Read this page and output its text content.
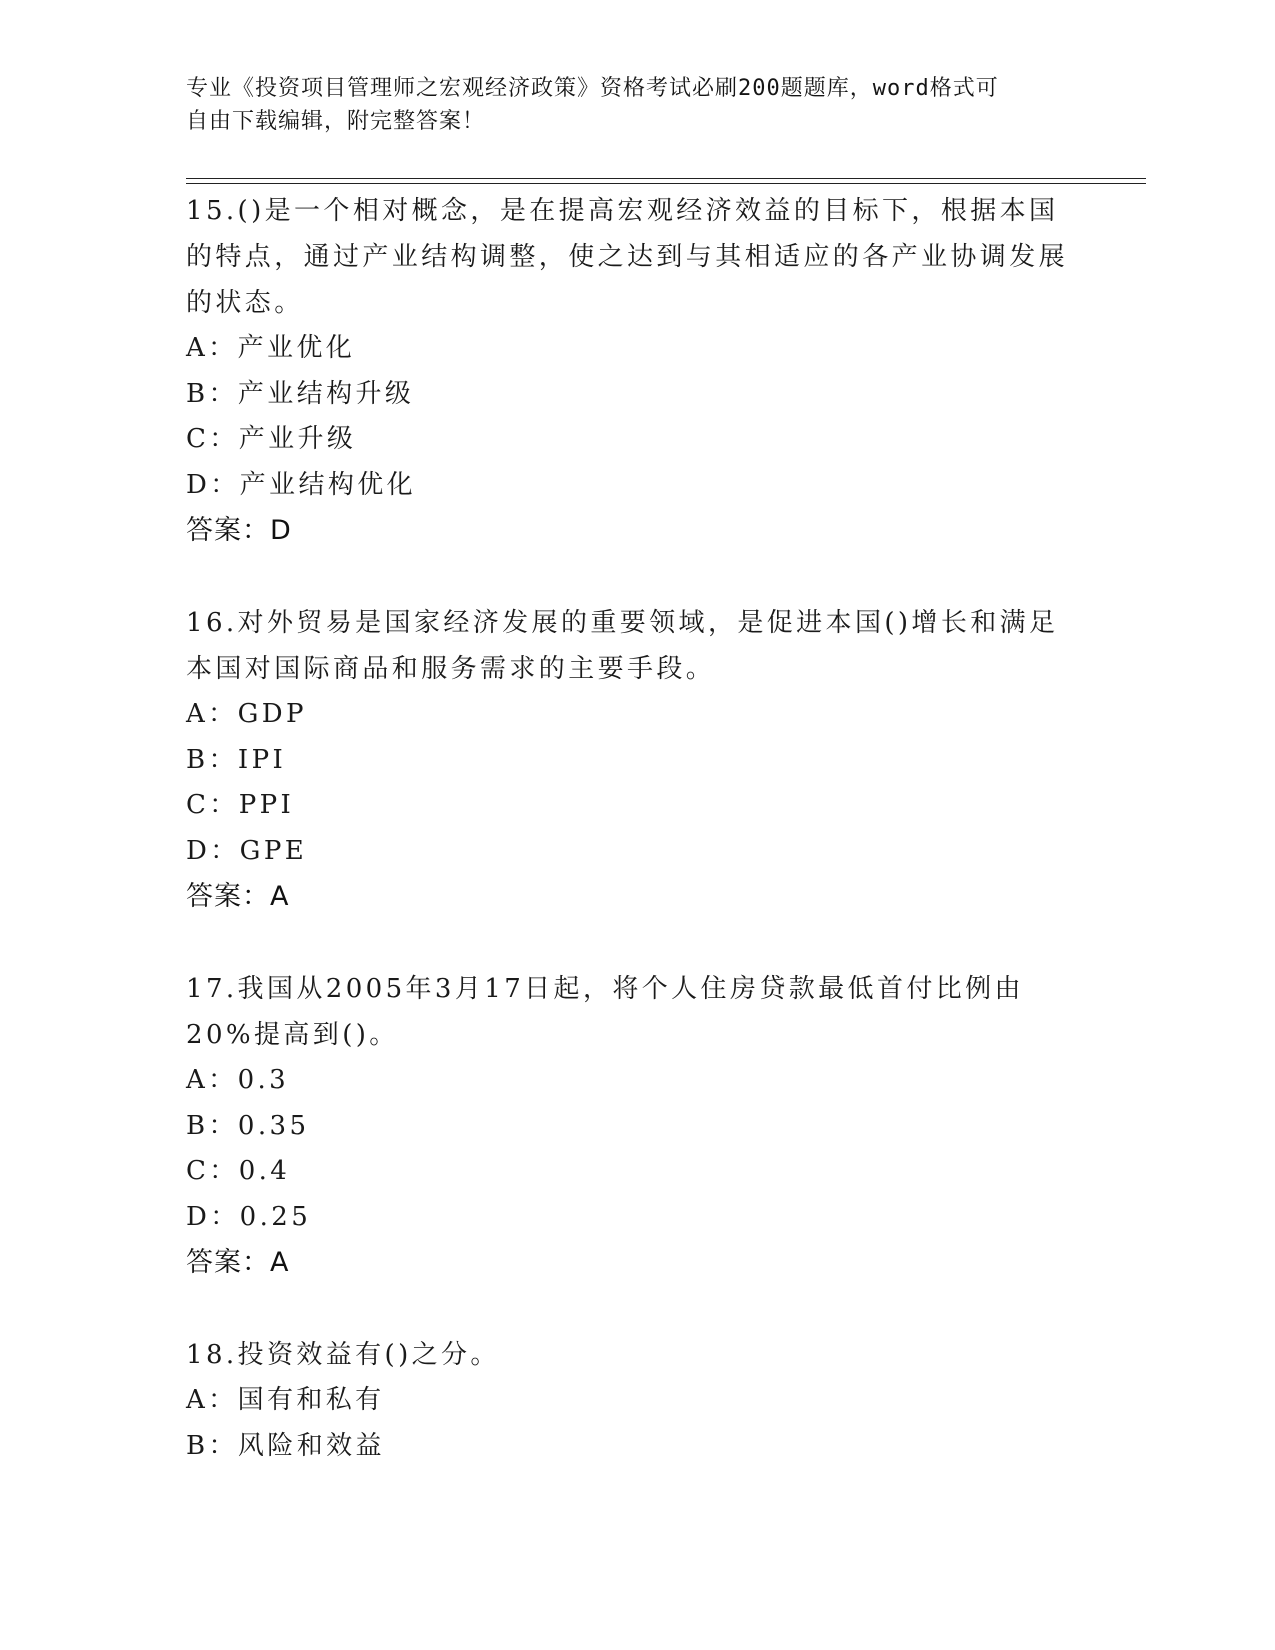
专业《投资项目管理师之宏观经济政策》资格考试必刷200题题库，word格式可
自由下载编辑，附完整答案！

15.()是一个相对概念，是在提高宏观经济效益的目标下，根据本国的特点，通过产业结构调整，使之达到与其相适应的各产业协调发展的状态。

A：产业优化

B：产业结构升级

C：产业升级

D：产业结构优化

答案：D

16.对外贸易是国家经济发展的重要领域，是促进本国()增长和满足本国对国际商品和服务需求的主要手段。

A：GDP

B：IPI

C：PPI

D：GPE

答案：A

17.我国从2005年3月17日起，将个人住房贷款最低首付比例由20%提高到()。

A：0.3

B：0.35

C：0.4

D：0.25

答案：A

18.投资效益有()之分。

A：国有和私有

B：风险和效益
